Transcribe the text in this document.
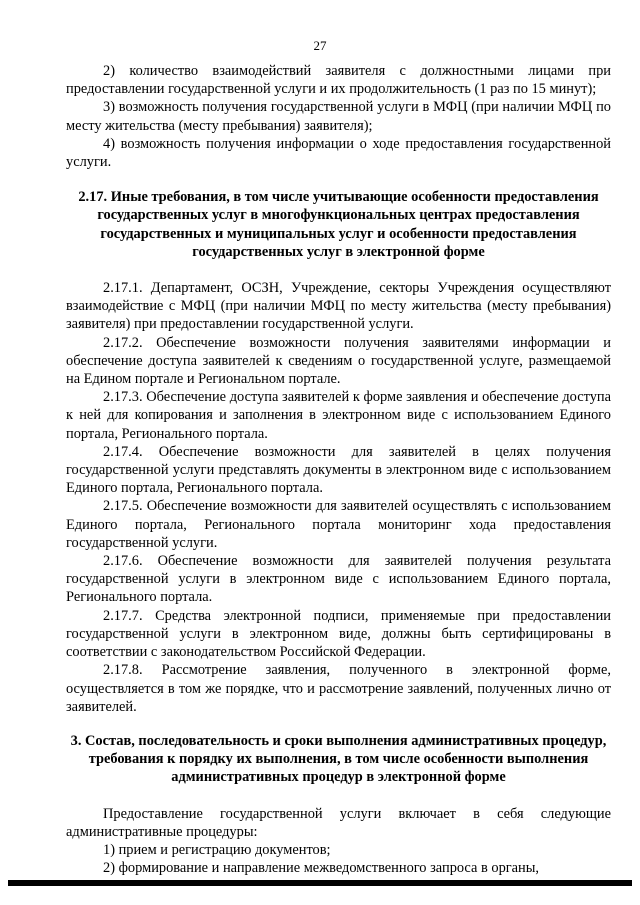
27

2) количество взаимодействий заявителя с должностными лицами при предоставлении государственной услуги и их продолжительность (1 раз по 15 минут);

3) возможность получения государственной услуги в МФЦ (при наличии МФЦ по месту жительства (месту пребывания) заявителя);

4) возможность получения информации о ходе предоставления государственной услуги.

2.17. Иные требования, в том числе учитывающие особенности предоставления государственных услуг в многофункциональных центрах предоставления государственных и муниципальных услуг и особенности предоставления государственных услуг в электронной форме

2.17.1. Департамент, ОСЗН, Учреждение, секторы Учреждения осуществляют взаимодействие с МФЦ (при наличии МФЦ по месту жительства (месту пребывания) заявителя) при предоставлении государственной услуги.

2.17.2. Обеспечение возможности получения заявителями информации и обеспечение доступа заявителей к сведениям о государственной услуге, размещаемой на Едином портале и Региональном портале.

2.17.3. Обеспечение доступа заявителей к форме заявления и обеспечение доступа к ней для копирования и заполнения в электронном виде с использованием Единого портала, Регионального портала.

2.17.4. Обеспечение возможности для заявителей в целях получения государственной услуги представлять документы в электронном виде с использованием Единого портала, Регионального портала.

2.17.5. Обеспечение возможности для заявителей осуществлять с использованием Единого портала, Регионального портала мониторинг хода предоставления государственной услуги.

2.17.6. Обеспечение возможности для заявителей получения результата государственной услуги в электронном виде с использованием Единого портала, Регионального портала.

2.17.7. Средства электронной подписи, применяемые при предоставлении государственной услуги в электронном виде, должны быть сертифицированы в соответствии с законодательством Российской Федерации.

2.17.8. Рассмотрение заявления, полученного в электронной форме, осуществляется в том же порядке, что и рассмотрение заявлений, полученных лично от заявителей.

3. Состав, последовательность и сроки выполнения административных процедур, требования к порядку их выполнения, в том числе особенности выполнения административных процедур в электронной форме

Предоставление государственной услуги включает в себя следующие административные процедуры:

1) прием и регистрацию документов;

2) формирование и направление межведомственного запроса в органы,
